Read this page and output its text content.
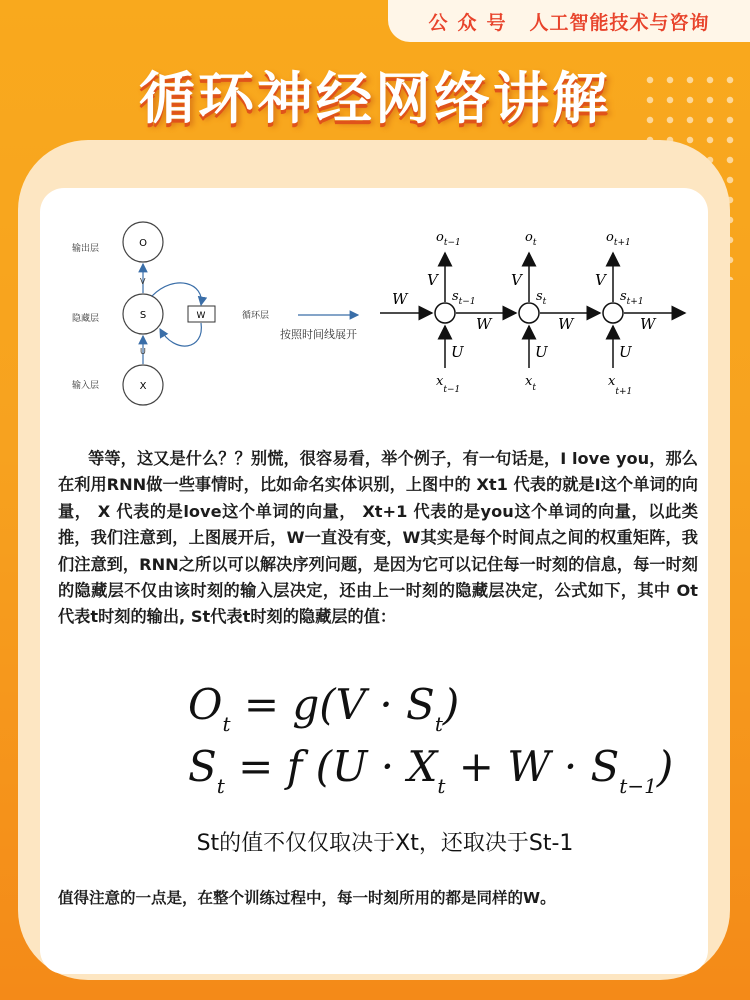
公众号 人工智能技术与咨询
循环神经网络讲解
输出层
隐藏层
输入层
O
S
X
V
U
W	循环层
按照时间线展开
W
V
U
$o_{t-1}$
$s_{t-1}$
$x_{t-1}$
W
V
U
$o_t$
$s_t$
$x_t$
W
V
U
$o_{t+1}$
$s_{t+1}$
$x_{t+1}$
W
等等，这又是什么？？别慌，很容易看，举个例子，有一句话是，I love you，那么在利用RNN做一些事情时，比如命名实体识别，上图中的 Xt1 代表的就是I这个单词的向量， X 代表的是love这个单词的向量， Xt+1 代表的是you这个单词的向量，以此类推，我们注意到，上图展开后，W一直没有变，W其实是每个时间点之间的权重矩阵，我们注意到，RNN之所以可以解决序列问题，是因为它可以记住每一时刻的信息，每一时刻的隐藏层不仅由该时刻的输入层决定，还由上一时刻的隐藏层决定，公式如下，其中 Ot 代表t时刻的输出, St代表t时刻的隐藏层的值：
$O_t = g(V \cdot S_t)$
$S_t = f$ $(U \cdot X_t + W \cdot S_{t-1})$
St的值不仅仅取决于Xt，还取决于St-1
值得注意的一点是，在整个训练过程中，每一时刻所用的都是同样的W。
